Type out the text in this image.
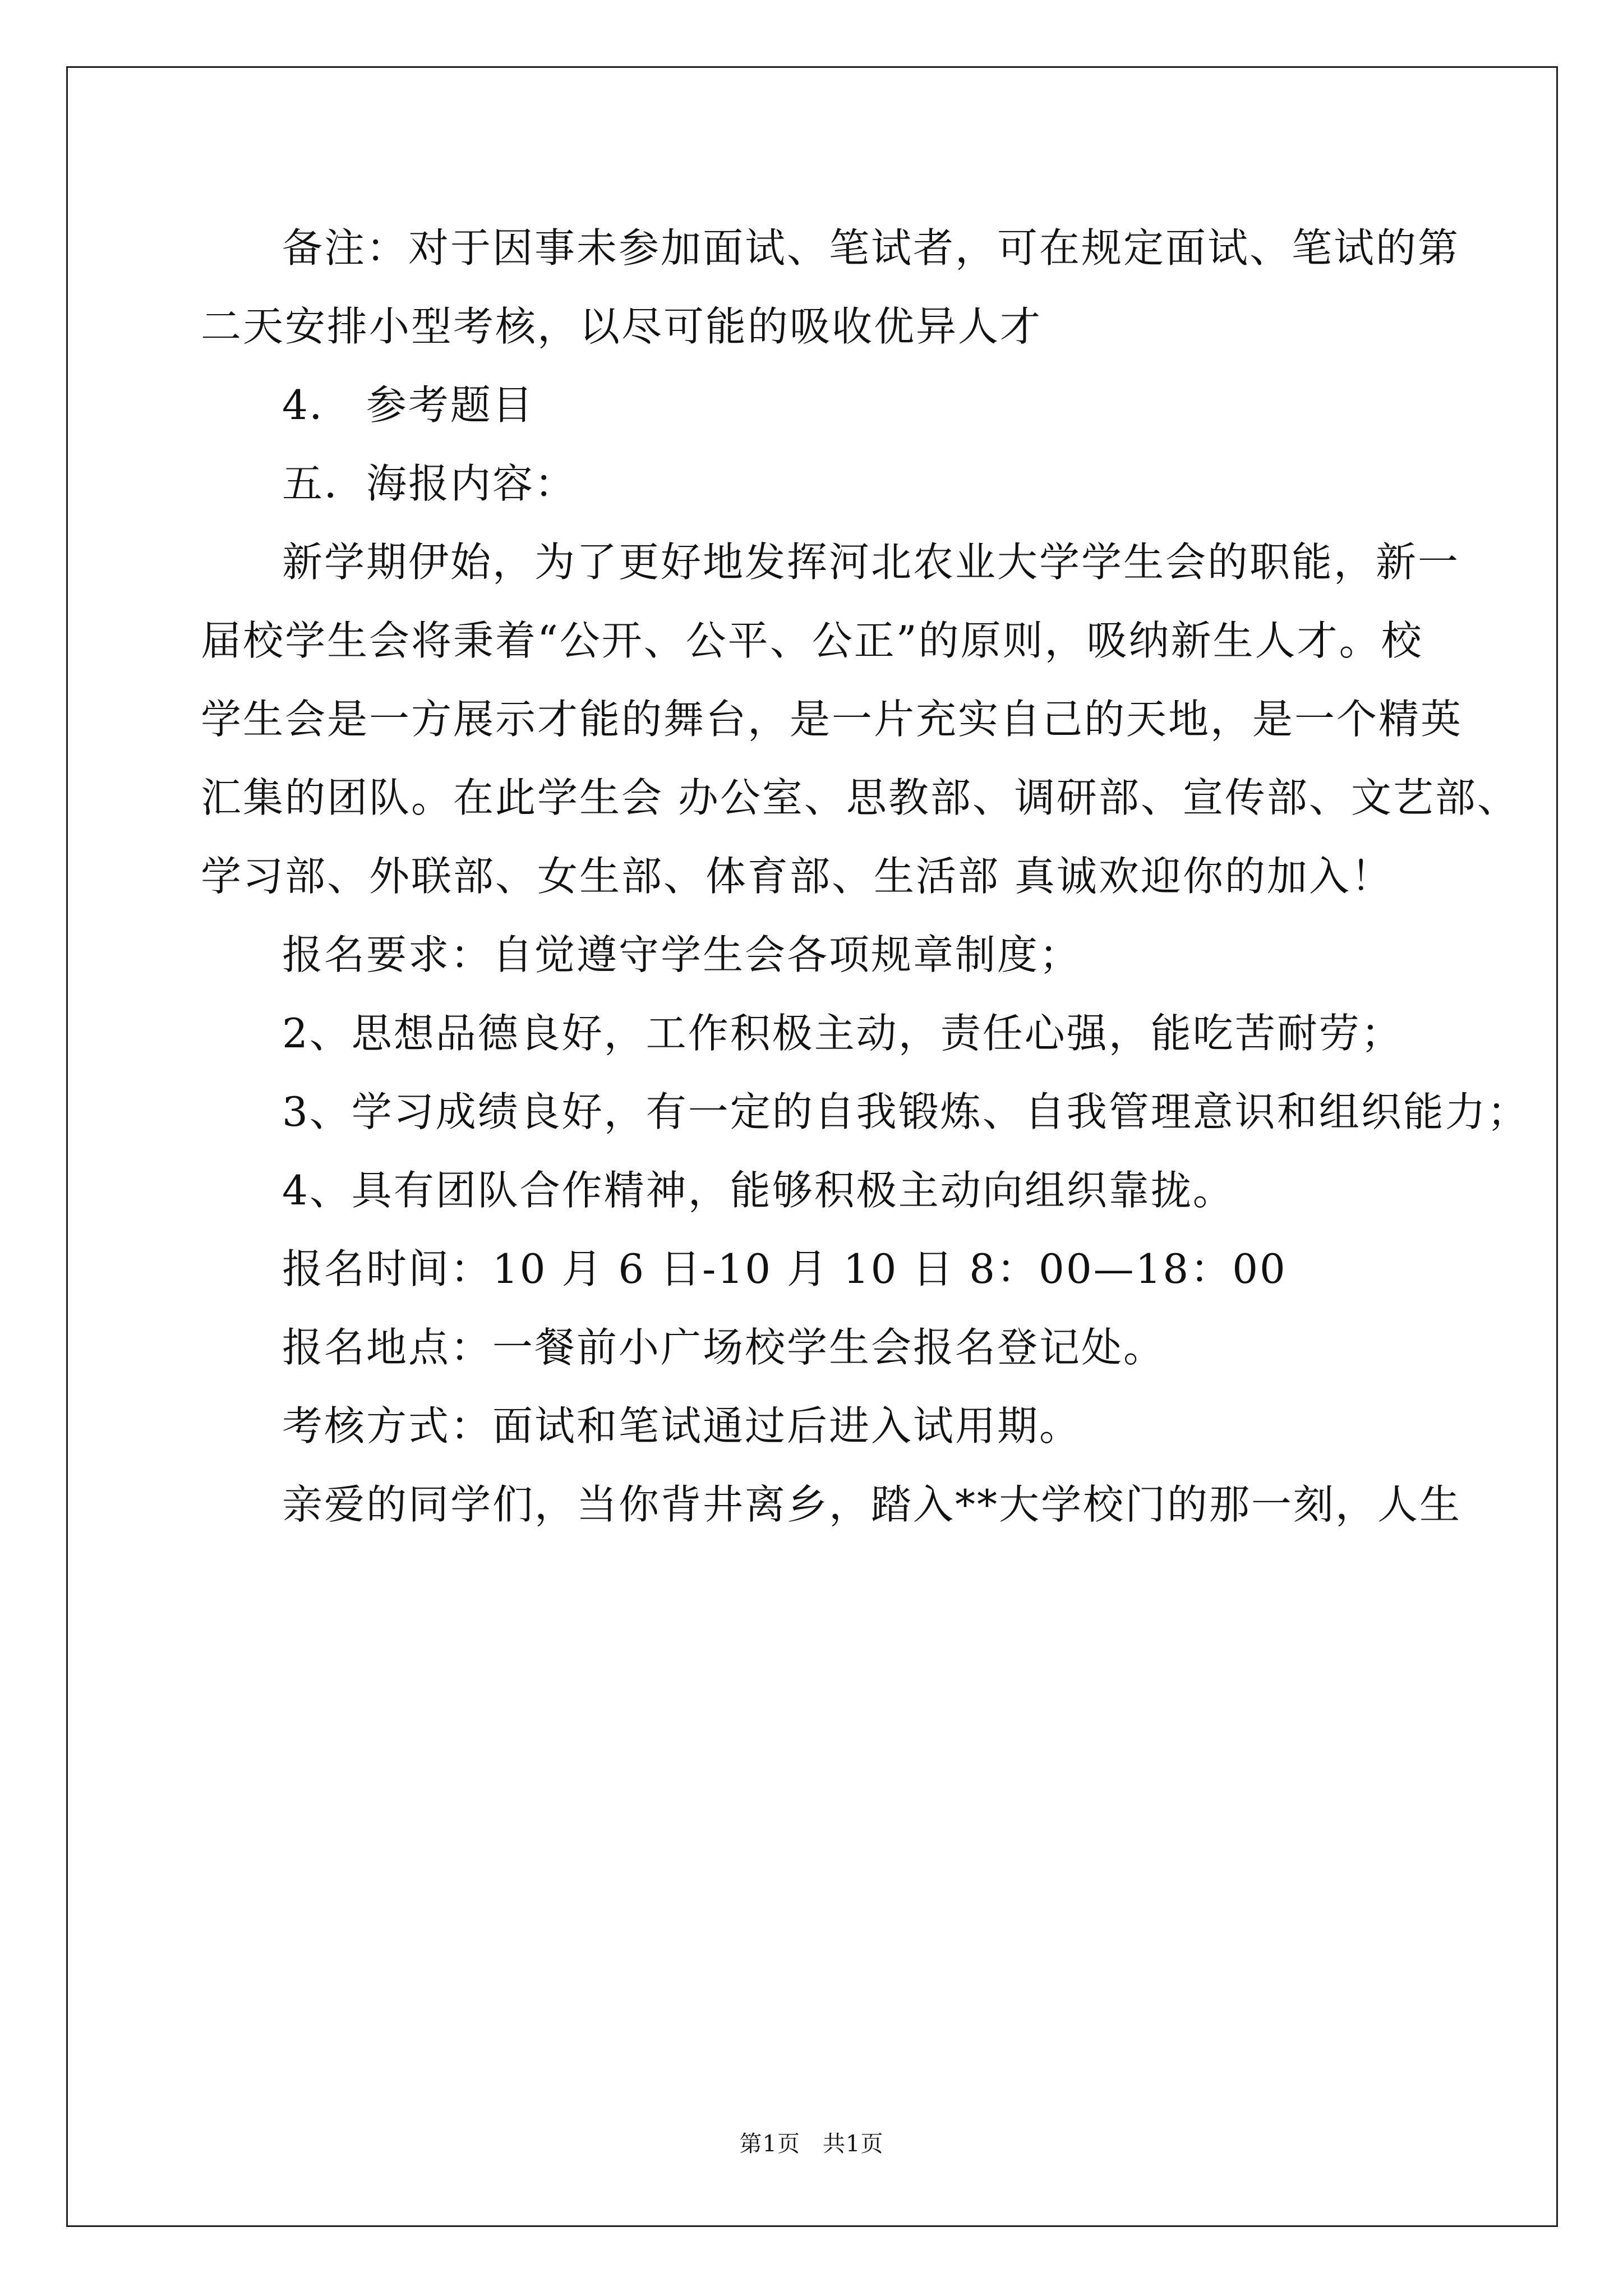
备注：对于因事未参加面试、笔试者，可在规定面试、笔试的第
二天安排小型考核，以尽可能的吸收优异人才
4． 参考题目
五．海报内容：
新学期伊始，为了更好地发挥河北农业大学学生会的职能，新一
届校学生会将秉着“公开、公平、公正”的原则，吸纳新生人才。校
学生会是一方展示才能的舞台，是一片充实自己的天地，是一个精英
汇集的团队。在此学生会 办公室、思教部、调研部、宣传部、文艺部、
学习部、外联部、女生部、体育部、生活部 真诚欢迎你的加入！
报名要求：自觉遵守学生会各项规章制度；
2、思想品德良好，工作积极主动，责任心强，能吃苦耐劳；
3、学习成绩良好，有一定的自我锻炼、自我管理意识和组织能力；
4、具有团队合作精神，能够积极主动向组织靠拢。
报名时间：10 月 6 日-10 月 10 日 8：00—18：00
报名地点：一餐前小广场校学生会报名登记处。
考核方式：面试和笔试通过后进入试用期。
亲爱的同学们，当你背井离乡，踏入**大学校门的那一刻，人生
第1页 共1页
